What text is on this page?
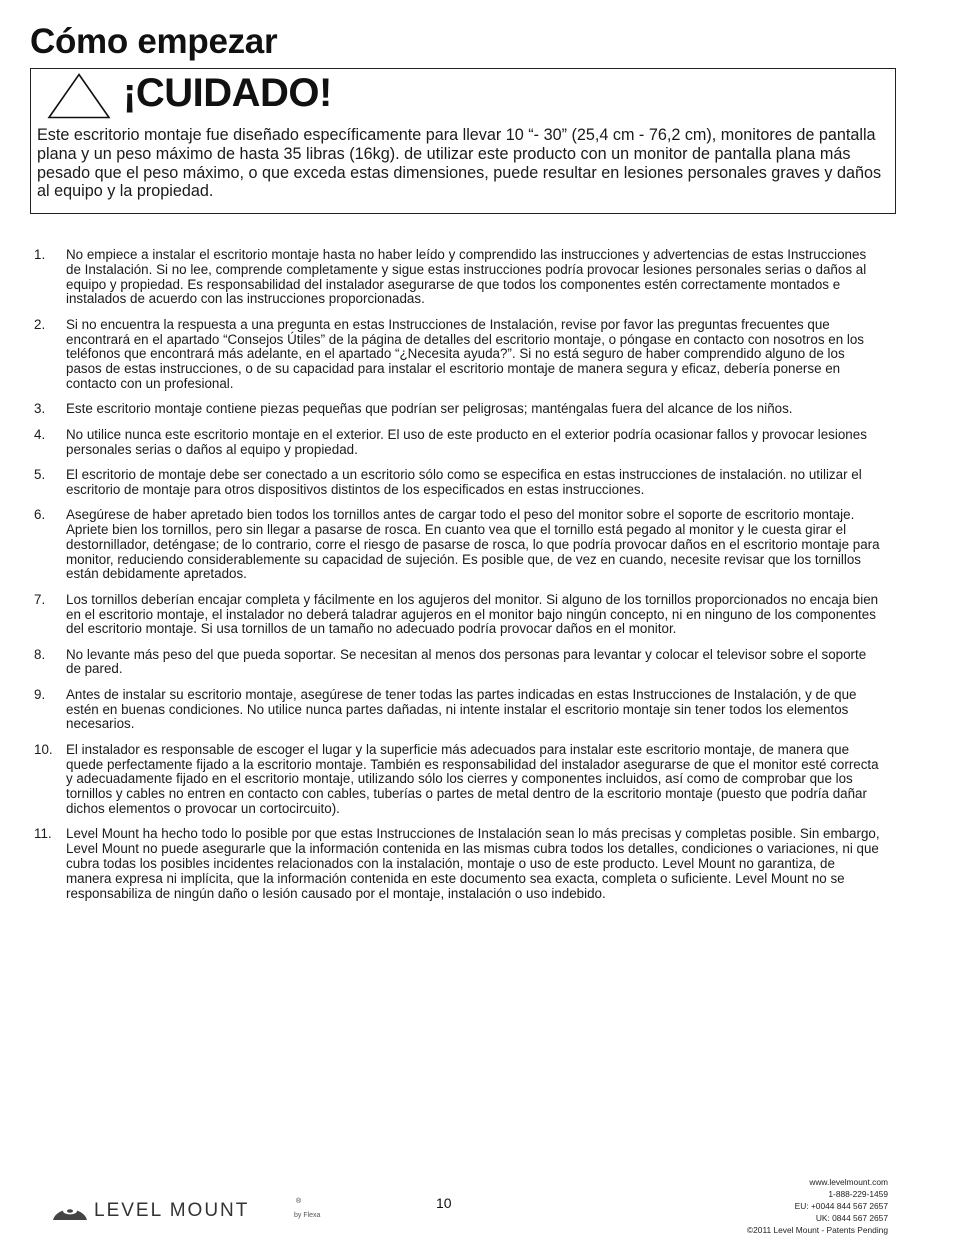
Cómo empezar
¡CUIDADO!
Este escritorio montaje fue diseñado específicamente para llevar 10 “- 30” (25,4 cm - 76,2 cm), monitores de pantalla plana y un peso máximo de hasta 35 libras (16kg). de utilizar este producto con un monitor de pantalla plana más pesado que el peso máximo, o que exceda estas dimensiones, puede resultar en lesiones personales graves y daños al equipo y la propiedad.
1. No empiece a instalar el escritorio montaje hasta no haber leído y comprendido las instrucciones y advertencias de estas Instrucciones de Instalación. Si no lee, comprende completamente y sigue estas instrucciones podría provocar lesiones personales serias o daños al equipo y propiedad. Es responsabilidad del instalador asegurarse de que todos los componentes estén correctamente montados e instalados de acuerdo con las instrucciones proporcionadas.
2. Si no encuentra la respuesta a una pregunta en estas Instrucciones de Instalación, revise por favor las preguntas frecuentes que encontrará en el apartado “Consejos Útiles” de la página de detalles del escritorio montaje, o póngase en contacto con nosotros en los teléfonos que encontrará más adelante, en el apartado “¿Necesita ayuda?”. Si no está seguro de haber comprendido alguno de los pasos de estas instrucciones, o de su capacidad para instalar el escritorio montaje de manera segura y eficaz, debería ponerse en contacto con un profesional.
3. Este escritorio montaje contiene piezas pequeñas que podrían ser peligrosas; manténgalas fuera del alcance de los niños.
4. No utilice nunca este escritorio montaje en el exterior. El uso de este producto en el exterior podría ocasionar fallos y provocar lesiones personales serias o daños al equipo y propiedad.
5. El escritorio de montaje debe ser conectado a un escritorio sólo como se especifica en estas instrucciones de instalación. no utilizar el escritorio de montaje para otros dispositivos distintos de los especificados en estas instrucciones.
6. Asegúrese de haber apretado bien todos los tornillos antes de cargar todo el peso del monitor sobre el soporte de escritorio montaje. Apriete bien los tornillos, pero sin llegar a pasarse de rosca. En cuanto vea que el tornillo está pegado al monitor y le cuesta girar el destornillador, deténgase; de lo contrario, corre el riesgo de pasarse de rosca, lo que podría provocar daños en el escritorio montaje para monitor, reduciendo considerablemente su capacidad de sujeción. Es posible que, de vez en cuando, necesite revisar que los tornillos están debidamente apretados.
7. Los tornillos deberían encajar completa y fácilmente en los agujeros del monitor. Si alguno de los tornillos proporcionados no encaja bien en el escritorio montaje, el instalador no deberá taladrar agujeros en el monitor bajo ningún concepto, ni en ninguno de los componentes del escritorio montaje. Si usa tornillos de un tamaño no adecuado podría provocar daños en el monitor.
8. No levante más peso del que pueda soportar. Se necesitan al menos dos personas para levantar y colocar el televisor sobre el soporte de pared.
9. Antes de instalar su escritorio montaje, asegúrese de tener todas las partes indicadas en estas Instrucciones de Instalación, y de que estén en buenas condiciones. No utilice nunca partes dañadas, ni intente instalar el escritorio montaje sin tener todos los elementos necesarios.
10. El instalador es responsable de escoger el lugar y la superficie más adecuados para instalar este escritorio montaje, de manera que quede perfectamente fijado a la escritorio montaje. También es responsabilidad del instalador asegurarse de que el monitor esté correcta y adecuadamente fijado en el escritorio montaje, utilizando sólo los cierres y componentes incluidos, así como de comprobar que los tornillos y cables no entren en contacto con cables, tuberías o partes de metal dentro de la escritorio montaje (puesto que podría dañar dichos elementos o provocar un cortocircuito).
11. Level Mount ha hecho todo lo posible por que estas Instrucciones de Instalación sean lo más precisas y completas posible. Sin embargo, Level Mount no puede asegurarle que la información contenida en las mismas cubra todos los detalles, condiciones o variaciones, ni que cubra todas los posibles incidentes relacionados con la instalación, montaje o uso de este producto. Level Mount no garantiza, de manera expresa ni implícita, que la información contenida en este documento sea exacta, completa o suficiente. Level Mount no se responsabiliza de ningún daño o lesión causado por el montaje, instalación o uso indebido.
LEVEL MOUNT	®
by Flexa
10
www.levelmount.com
1-888-229-1459
EU: +0044 844 567 2657
UK: 0844 567 2657
©2011 Level Mount - Patents Pending
